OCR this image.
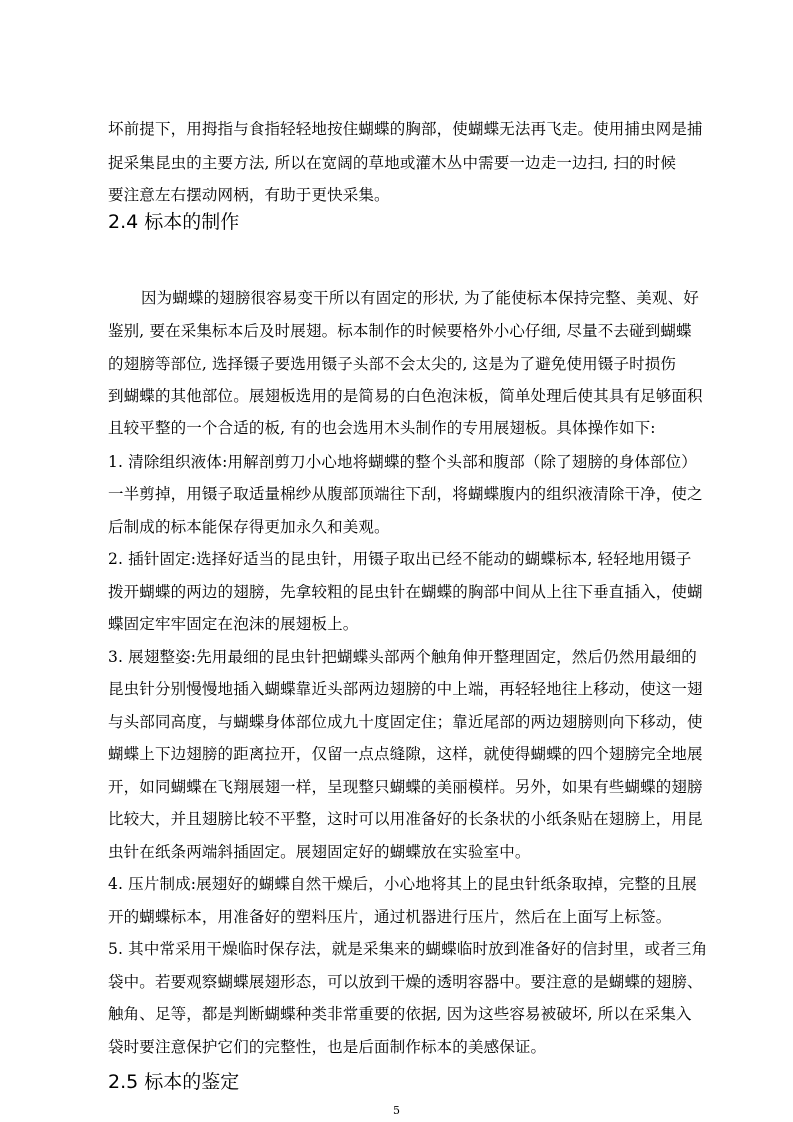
坏前提下，用拇指与食指轻轻地按住蝴蝶的胸部，使蝴蝶无法再飞走。使用捕虫网是捕
捉采集昆虫的主要方法, 所以在宽阔的草地或灌木丛中需要一边走一边扫, 扫的时候
要注意左右摆动网柄，有助于更快采集。
2.4 标本的制作
因为蝴蝶的翅膀很容易变干所以有固定的形状, 为了能使标本保持完整、美观、好
鉴别, 要在采集标本后及时展翅。标本制作的时候要格外小心仔细, 尽量不去碰到蝴蝶
的翅膀等部位, 选择镊子要选用镊子头部不会太尖的, 这是为了避免使用镊子时损伤
到蝴蝶的其他部位。展翅板选用的是简易的白色泡沫板，简单处理后使其具有足够面积
且较平整的一个合适的板, 有的也会选用木头制作的专用展翅板。具体操作如下:
1. 清除组织液体:用解剖剪刀小心地将蝴蝶的整个头部和腹部（除了翅膀的身体部位）
一半剪掉，用镊子取适量棉纱从腹部顶端往下刮，将蝴蝶腹内的组织液清除干净，使之
后制成的标本能保存得更加永久和美观。
2. 插针固定:选择好适当的昆虫针，用镊子取出已经不能动的蝴蝶标本, 轻轻地用镊子
拨开蝴蝶的两边的翅膀，先拿较粗的昆虫针在蝴蝶的胸部中间从上往下垂直插入，使蝴
蝶固定牢牢固定在泡沫的展翅板上。
3. 展翅整姿:先用最细的昆虫针把蝴蝶头部两个触角伸开整理固定，然后仍然用最细的
昆虫针分别慢慢地插入蝴蝶靠近头部两边翅膀的中上端，再轻轻地往上移动，使这一翅
与头部同高度，与蝴蝶身体部位成九十度固定住；靠近尾部的两边翅膀则向下移动，使
蝴蝶上下边翅膀的距离拉开，仅留一点点缝隙，这样，就使得蝴蝶的四个翅膀完全地展
开，如同蝴蝶在飞翔展翅一样，呈现整只蝴蝶的美丽模样。另外，如果有些蝴蝶的翅膀
比较大，并且翅膀比较不平整，这时可以用准备好的长条状的小纸条贴在翅膀上，用昆
虫针在纸条两端斜插固定。展翅固定好的蝴蝶放在实验室中。
4. 压片制成:展翅好的蝴蝶自然干燥后，小心地将其上的昆虫针纸条取掉，完整的且展
开的蝴蝶标本，用准备好的塑料压片，通过机器进行压片，然后在上面写上标签。
5. 其中常采用干燥临时保存法，就是采集来的蝴蝶临时放到准备好的信封里，或者三角
袋中。若要观察蝴蝶展翅形态，可以放到干燥的透明容器中。要注意的是蝴蝶的翅膀、
触角、足等，都是判断蝴蝶种类非常重要的依据, 因为这些容易被破坏, 所以在采集入
袋时要注意保护它们的完整性，也是后面制作标本的美感保证。
2.5 标本的鉴定
5
